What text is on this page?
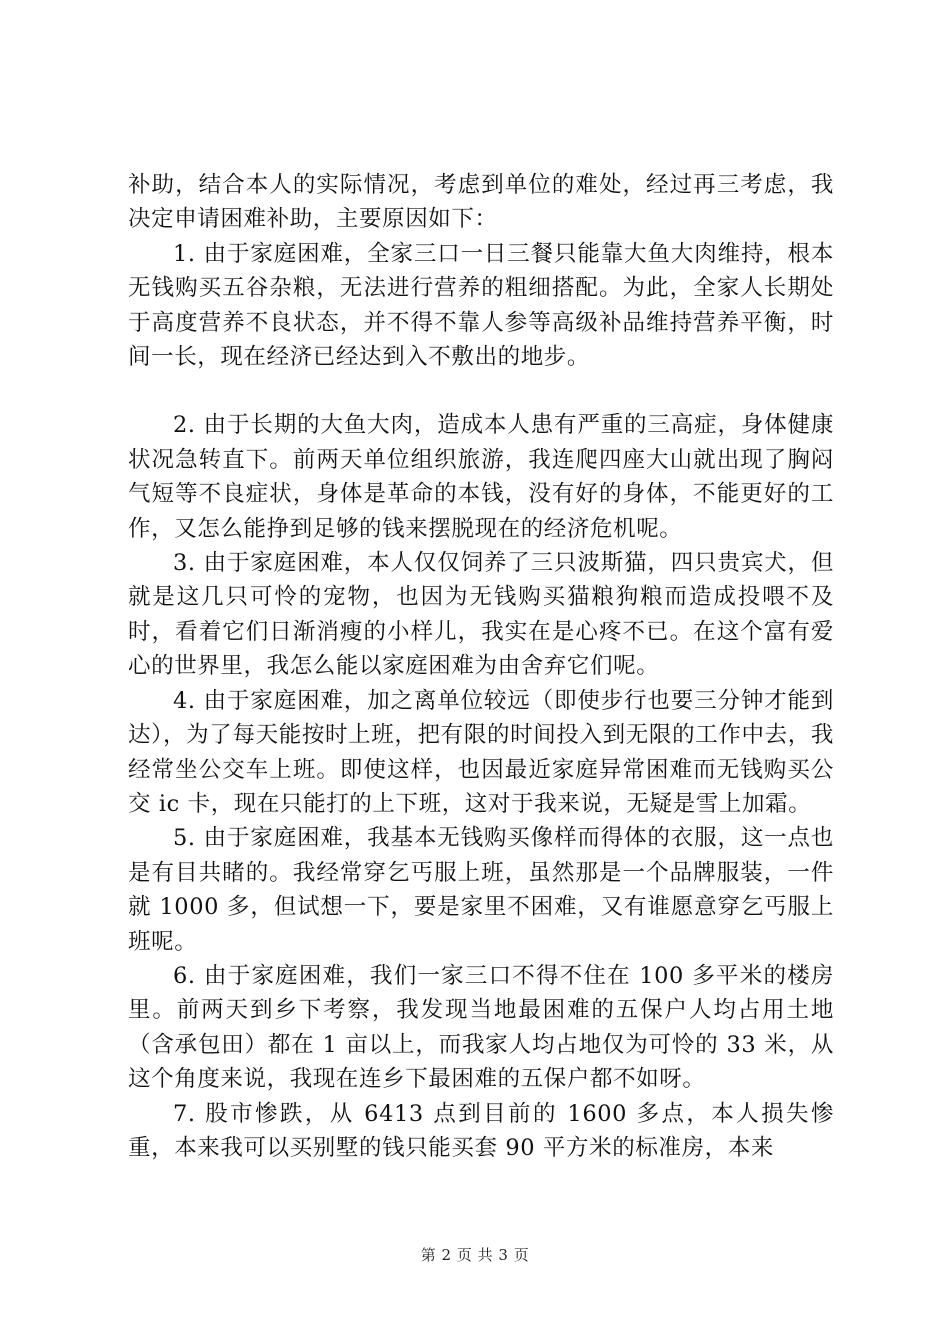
补助，结合本人的实际情况，考虑到单位的难处，经过再三考虑，我决定申请困难补助，主要原因如下：

1. 由于家庭困难，全家三口一日三餐只能靠大鱼大肉维持，根本无钱购买五谷杂粮，无法进行营养的粗细搭配。为此，全家人长期处于高度营养不良状态，并不得不靠人参等高级补品维持营养平衡，时间一长，现在经济已经达到入不敷出的地步。

2. 由于长期的大鱼大肉，造成本人患有严重的三高症，身体健康状况急转直下。前两天单位组织旅游，我连爬四座大山就出现了胸闷气短等不良症状，身体是革命的本钱，没有好的身体，不能更好的工作，又怎么能挣到足够的钱来摆脱现在的经济危机呢。

3. 由于家庭困难，本人仅仅饲养了三只波斯猫，四只贵宾犬，但就是这几只可怜的宠物，也因为无钱购买猫粮狗粮而造成投喂不及时，看着它们日渐消瘦的小样儿，我实在是心疼不已。在这个富有爱心的世界里，我怎么能以家庭困难为由舍弃它们呢。

4. 由于家庭困难，加之离单位较远（即使步行也要三分钟才能到达），为了每天能按时上班，把有限的时间投入到无限的工作中去，我经常坐公交车上班。即使这样，也因最近家庭异常困难而无钱购买公交 ic 卡，现在只能打的上下班，这对于我来说，无疑是雪上加霜。

5. 由于家庭困难，我基本无钱购买像样而得体的衣服，这一点也是有目共睹的。我经常穿乞丐服上班，虽然那是一个品牌服装，一件就 1000 多，但试想一下，要是家里不困难，又有谁愿意穿乞丐服上班呢。

6. 由于家庭困难，我们一家三口不得不住在 100 多平米的楼房里。前两天到乡下考察，我发现当地最困难的五保户人均占用土地（含承包田）都在 1 亩以上，而我家人均占地仅为可怜的 33 米，从这个角度来说，我现在连乡下最困难的五保户都不如呀。

7. 股市惨跌，从 6413 点到目前的 1600 多点，本人损失惨重，本来我可以买别墅的钱只能买套 90 平方米的标准房，本来

第 2 页 共 3 页
